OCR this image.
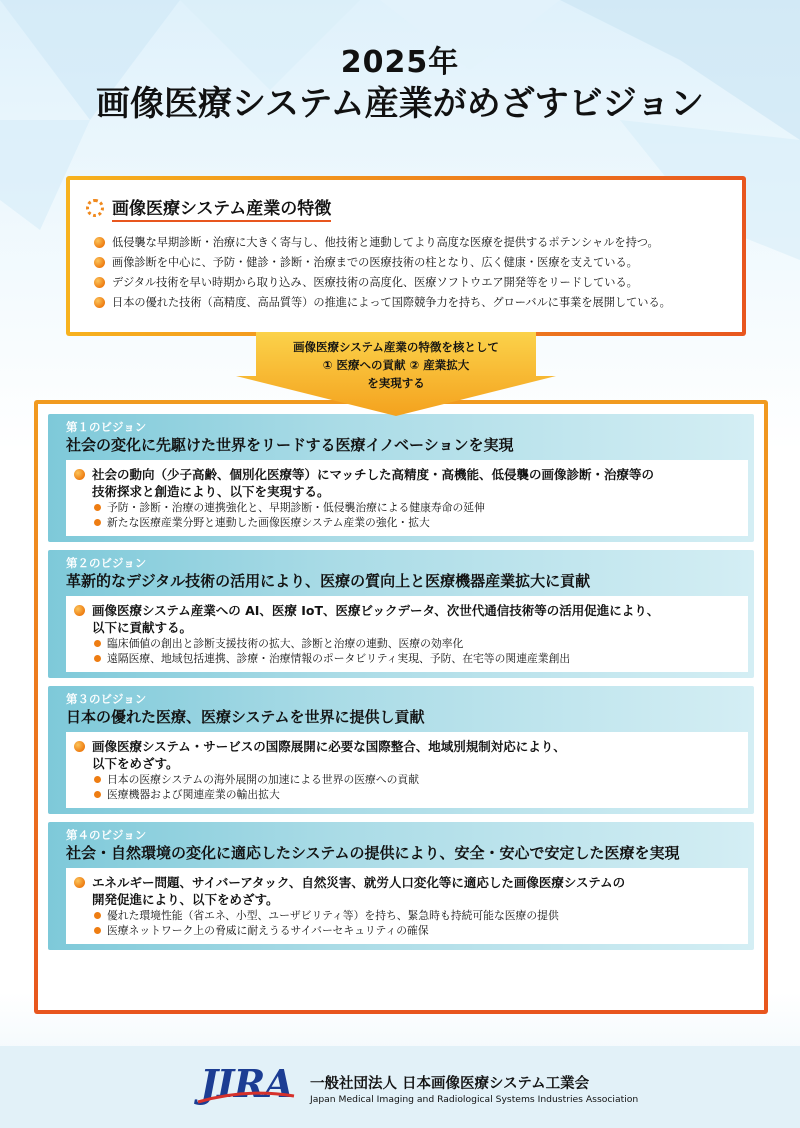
2025年
画像医療システム産業がめざすビジョン
画像医療システム産業の特徴
低侵襲な早期診断・治療に大きく寄与し、他技術と連動してより高度な医療を提供するポテンシャルを持つ。
画像診断を中心に、予防・健診・診断・治療までの医療技術の柱となり、広く健康・医療を支えている。
デジタル技術を早い時期から取り込み、医療技術の高度化、医療ソフトウエア開発等をリードしている。
日本の優れた技術（高精度、高品質等）の推進によって国際競争力を持ち、グローバルに事業を展開している。
画像医療システム産業の特徴を核として
① 医療への貢献 ② 産業拡大
を実現する
第１のビジョン
社会の変化に先駆けた世界をリードする医療イノベーションを実現
社会の動向（少子高齢、個別化医療等）にマッチした高精度・高機能、低侵襲の画像診断・治療等の
技術探求と創造により、以下を実現する。
予防・診断・治療の連携強化と、早期診断・低侵襲治療による健康寿命の延伸
新たな医療産業分野と連動した画像医療システム産業の強化・拡大
第２のビジョン
革新的なデジタル技術の活用により、医療の質向上と医療機器産業拡大に貢献
画像医療システム産業への AI、医療 IoT、医療ビックデータ、次世代通信技術等の活用促進により、
以下に貢献する。
臨床価値の創出と診断支援技術の拡大、診断と治療の連動、医療の効率化
遠隔医療、地域包括連携、診療・治療情報のポータビリティ実現、予防、在宅等の関連産業創出
第３のビジョン
日本の優れた医療、医療システムを世界に提供し貢献
画像医療システム・サービスの国際展開に必要な国際整合、地域別規制対応により、
以下をめざす。
日本の医療システムの海外展開の加速による世界の医療への貢献
医療機器および関連産業の輸出拡大
第４のビジョン
社会・自然環境の変化に適応したシステムの提供により、安全・安心で安定した医療を実現
エネルギー問題、サイバーアタック、自然災害、就労人口変化等に適応した画像医療システムの
開発促進により、以下をめざす。
優れた環境性能（省エネ、小型、ユーザビリティ等）を持ち、緊急時も持続可能な医療の提供
医療ネットワーク上の脅威に耐えうるサイバーセキュリティの確保
JIRA 一般社団法人 日本画像医療システム工業会
Japan Medical Imaging and Radiological Systems Industries Association
